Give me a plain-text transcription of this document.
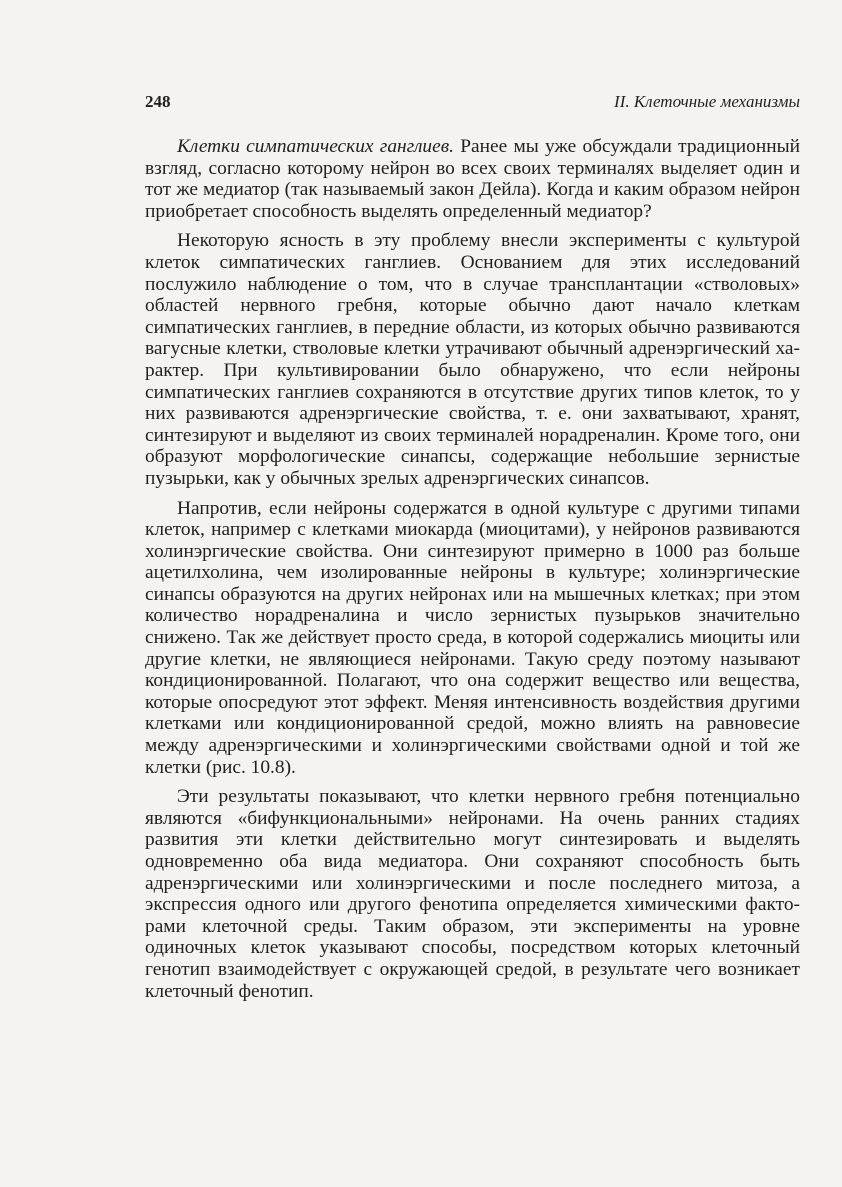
248	II. Клеточные механизмы

Клетки симпатических ганглиев. Ранее мы уже обсуждали традиционный взгляд, согласно которому нейрон во всех своих терминалях выделяет один и тот же медиатор (так называемый закон Дейла). Когда и каким образом нейрон приобретает способность выделять определенный медиатор?

Некоторую ясность в эту проблему внесли эксперименты с культурой клеток симпатических ганглиев. Основанием для этих исследований послужило наблюдение о том, что в случае трансплантации «стволовых» областей нервного гребня, которые обычно дают начало клеткам симпатических ганглиев, в передние области, из которых обычно развиваются вагусные клетки, стволовые клетки утрачивают обычный адренэргический характер. При культивировании было обнаружено, что если нейроны симпатических ганглиев сохраняются в отсутствие других типов клеток, то у них развиваются адренэргические свойства, т. е. они захватывают, хранят, синтезируют и выделяют из своих терминалей норадреналин. Кроме того, они образуют морфологические синапсы, содержащие небольшие зернистые пузырьки, как у обычных зрелых адренэргических синапсов.

Напротив, если нейроны содержатся в одной культуре с другими типами клеток, например с клетками миокарда (миоцитами), у нейронов развиваются холинэргические свойства. Они синтезируют примерно в 1000 раз больше ацетилхолина, чем изолированные нейроны в культуре; холинэргические синапсы образуются на других нейронах или на мышечных клетках; при этом количество норадреналина и число зернистых пузырьков значительно снижено. Так же действует просто среда, в которой содержались миоциты или другие клетки, не являющиеся нейронами. Такую среду поэтому называют кондиционированной. Полагают, что она содержит вещество или вещества, которые опосредуют этот эффект. Меняя интенсивность воздействия другими клетками или кондиционированной средой, можно влиять на равновесие между адренэргическими и холинэргическими свойствами одной и той же клетки (рис. 10.8).

Эти результаты показывают, что клетки нервного гребня потенциально являются «бифункциональными» нейронами. На очень ранних стадиях развития эти клетки действительно могут синтезировать и выделять одновременно оба вида медиатора. Они сохраняют способность быть адренэргическими или холинэргическими и после последнего митоза, а экспрессия одного или другого фенотипа определяется химическими факторами клеточной среды. Таким образом, эти эксперименты на уровне одиночных клеток указывают способы, посредством которых клеточный генотип взаимодействует с окружающей средой, в результате чего возникает клеточный фенотип.
